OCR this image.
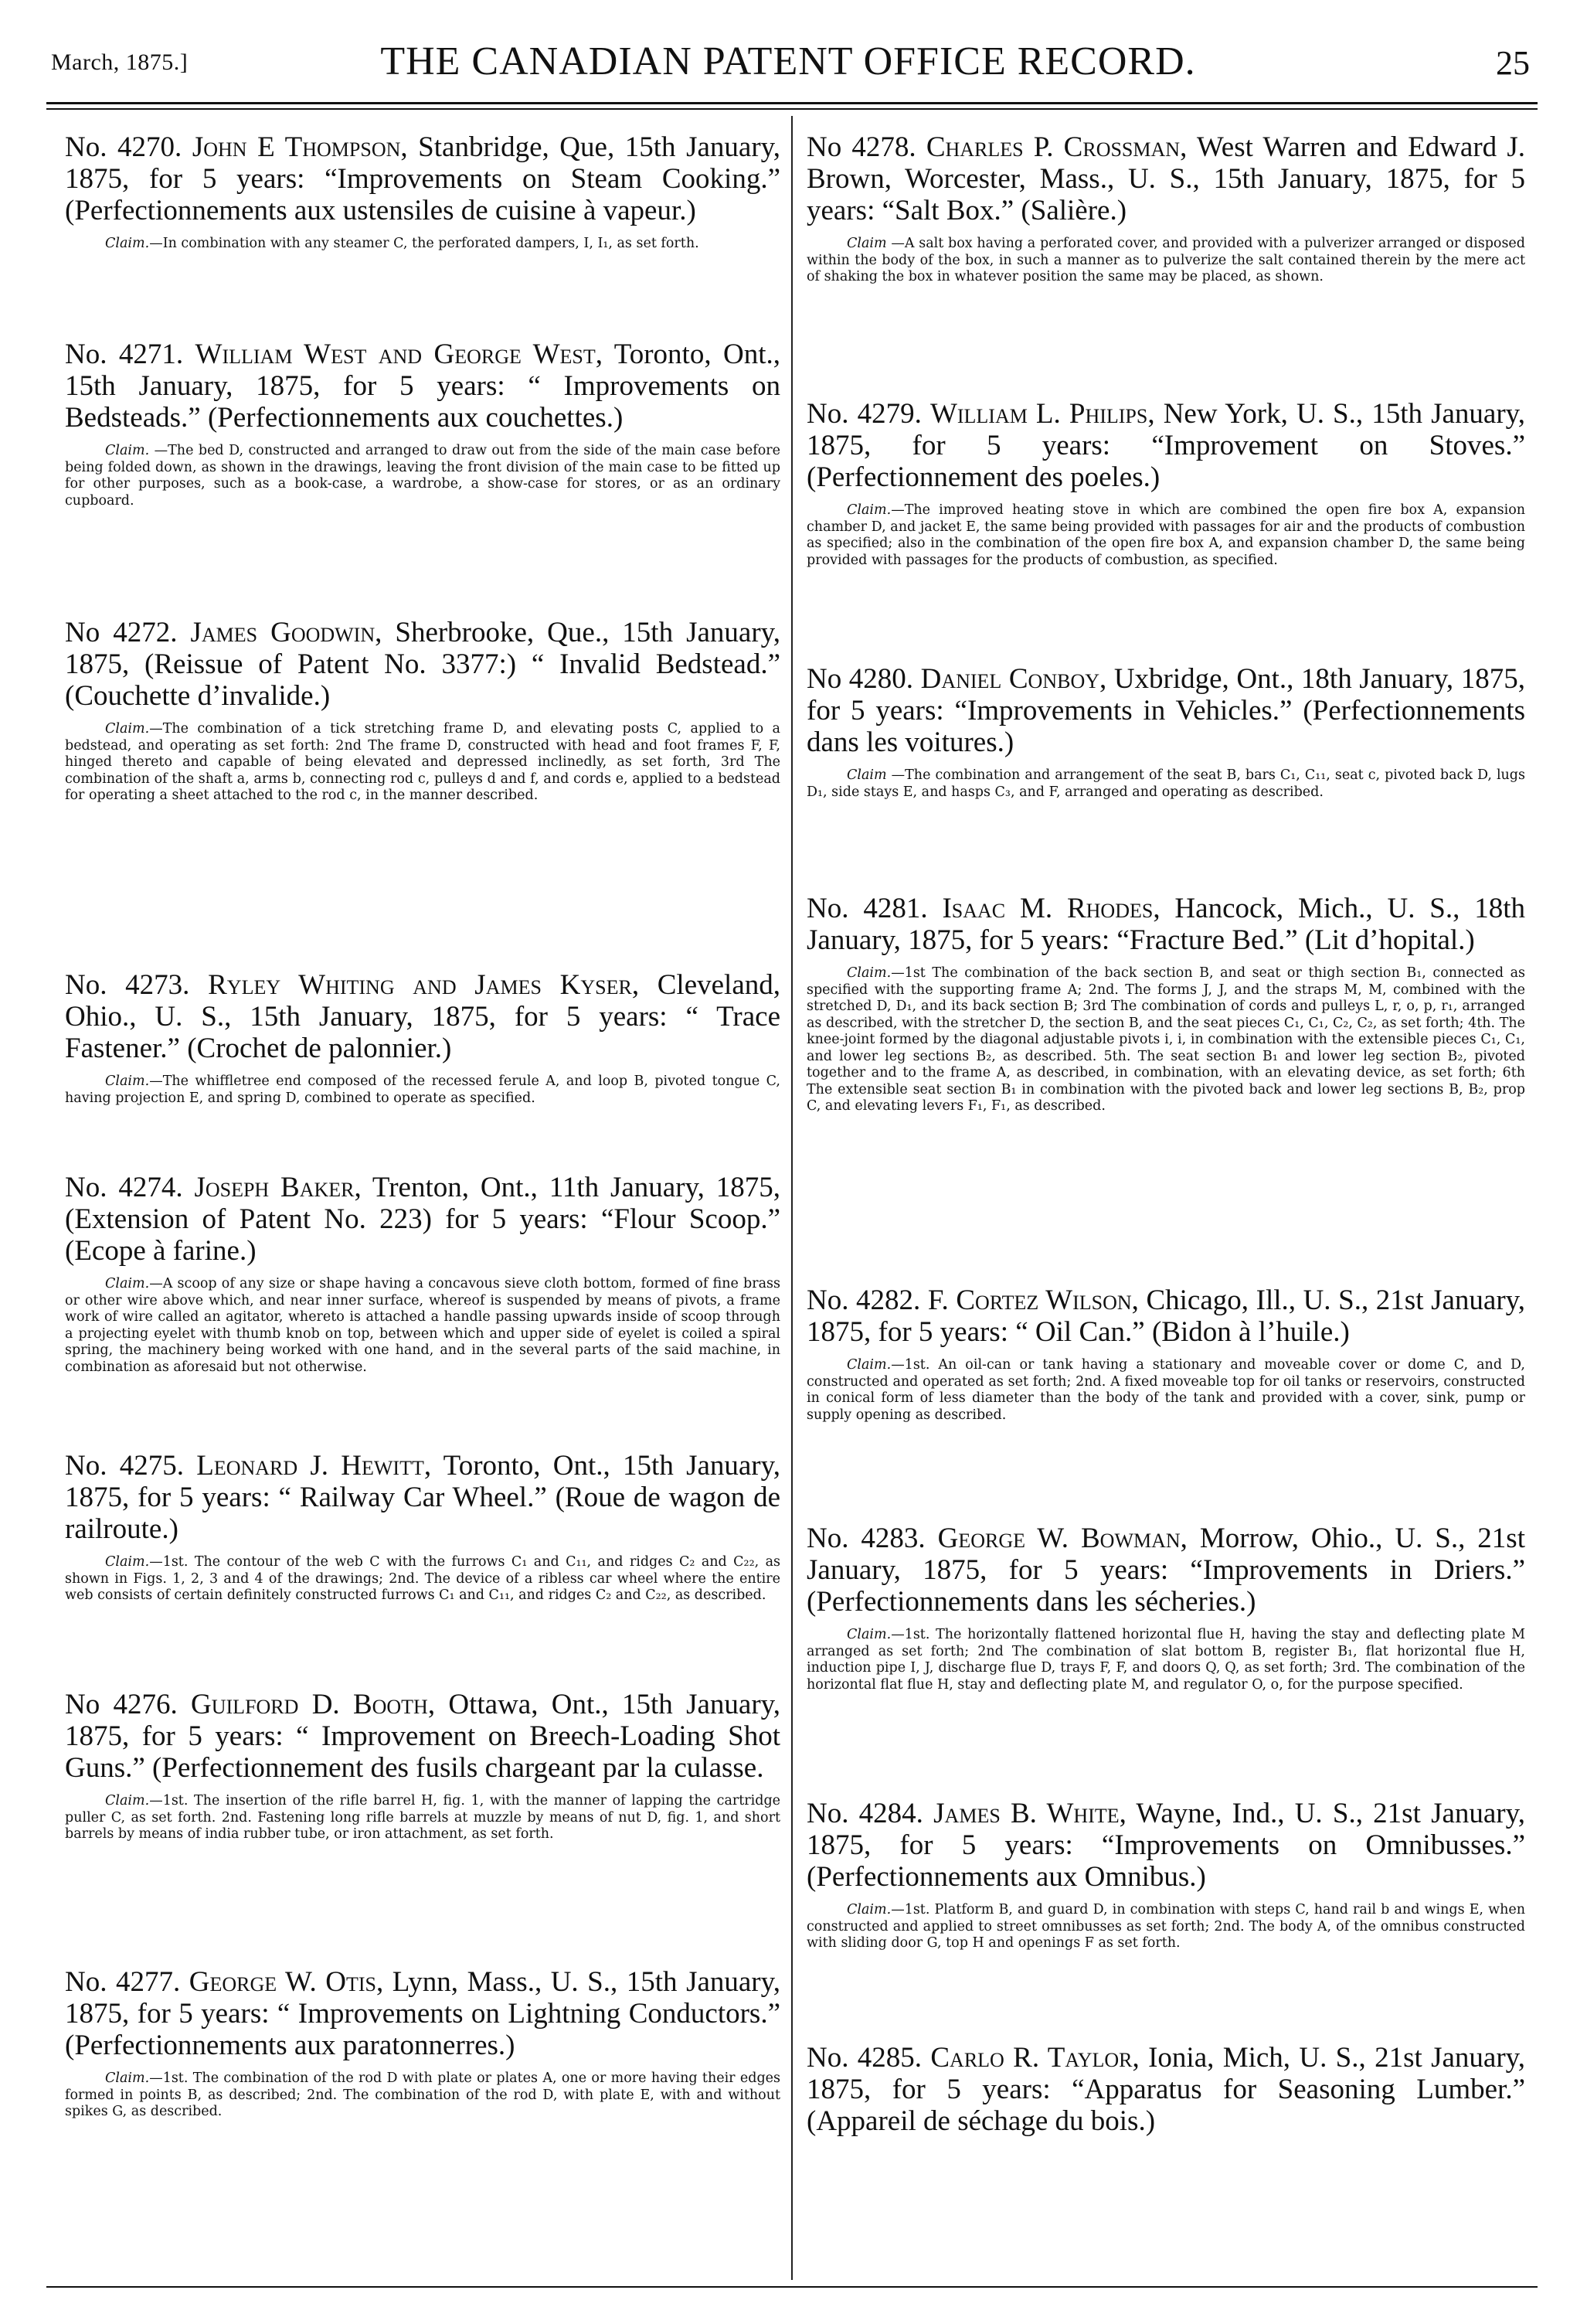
March, 1875.]	THE CANADIAN PATENT OFFICE RECORD.	25

No. 4270. John E Thompson, Stanbridge, Que, 15th January, 1875, for 5 years: “Improvements on Steam Cooking.” (Perfectionnements aux ustensiles de cuisine à vapeur.)

Claim.—In combination with any steamer C, the perforated dampers, I, I₁, as set forth.

No. 4271. William West and George West, Toronto, Ont., 15th January, 1875, for 5 years: “ Improvements on Bedsteads.” (Perfectionnements aux couchettes.)

Claim. —The bed D, constructed and arranged to draw out from the side of the main case before being folded down, as shown in the drawings, leaving the front division of the main case to be fitted up for other purposes, such as a book-case, a wardrobe, a show-case for stores, or as an ordinary cupboard.

No 4272. James Goodwin, Sherbrooke, Que., 15th January, 1875, (Reissue of Patent No. 3377:) “ Invalid Bedstead.” (Couchette d’invalide.)

Claim.—The combination of a tick stretching frame D, and elevating posts C, applied to a bedstead, and operating as set forth: 2nd The frame D, constructed with head and foot frames F, F, hinged thereto and capable of being elevated and depressed inclinedly, as set forth, 3rd The combination of the shaft a, arms b, connecting rod c, pulleys d and f, and cords e, applied to a bedstead for operating a sheet attached to the rod c, in the manner described.

No. 4273. Ryley Whiting and James Kyser, Cleveland, Ohio., U. S., 15th January, 1875, for 5 years: “ Trace Fastener.” (Crochet de palonnier.)

Claim.—The whiffletree end composed of the recessed ferule A, and loop B, pivoted tongue C, having projection E, and spring D, combined to operate as specified.

No. 4274. Joseph Baker, Trenton, Ont., 11th January, 1875, (Extension of Patent No. 223) for 5 years: “Flour Scoop.” (Ecope à farine.)

Claim.—A scoop of any size or shape having a concavous sieve cloth bottom, formed of fine brass or other wire above which, and near inner surface, whereof is suspended by means of pivots, a frame work of wire called an agitator, whereto is attached a handle passing upwards inside of scoop through a projecting eyelet with thumb knob on top, between which and upper side of eyelet is coiled a spiral spring, the machinery being worked with one hand, and in the several parts of the said machine, in combination as aforesaid but not otherwise.

No. 4275. Leonard J. Hewitt, Toronto, Ont., 15th January, 1875, for 5 years: “ Railway Car Wheel.” (Roue de wagon de railroute.)

Claim.—1st. The contour of the web C with the furrows C₁ and C₁₁, and ridges C₂ and C₂₂, as shown in Figs. 1, 2, 3 and 4 of the drawings; 2nd. The device of a ribless car wheel where the entire web consists of certain definitely constructed furrows C₁ and C₁₁, and ridges C₂ and C₂₂, as described.

No 4276. Guilford D. Booth, Ottawa, Ont., 15th January, 1875, for 5 years: “ Improvement on Breech-Loading Shot Guns.” (Perfectionnement des fusils chargeant par la culasse.

Claim.—1st. The insertion of the rifle barrel H, fig. 1, with the manner of lapping the cartridge puller C, as set forth. 2nd. Fastening long rifle barrels at muzzle by means of nut D, fig. 1, and short barrels by means of india rubber tube, or iron attachment, as set forth.

No. 4277. George W. Otis, Lynn, Mass., U. S., 15th January, 1875, for 5 years: “ Improvements on Lightning Conductors.” (Perfectionnements aux paratonnerres.)

Claim.—1st. The combination of the rod D with plate or plates A, one or more having their edges formed in points B, as described; 2nd. The combination of the rod D, with plate E, with and without spikes G, as described.

No 4278. Charles P. Crossman, West Warren and Edward J. Brown, Worcester, Mass., U. S., 15th January, 1875, for 5 years: “Salt Box.” (Salière.)

Claim —A salt box having a perforated cover, and provided with a pulverizer arranged or disposed within the body of the box, in such a manner as to pulverize the salt contained therein by the mere act of shaking the box in whatever position the same may be placed, as shown.

No. 4279. William L. Philips, New York, U. S., 15th January, 1875, for 5 years: “Improvement on Stoves.” (Perfectionnement des poeles.)

Claim.—The improved heating stove in which are combined the open fire box A, expansion chamber D, and jacket E, the same being provided with passages for air and the products of combustion as specified; also in the combination of the open fire box A, and expansion chamber D, the same being provided with passages for the products of combustion, as specified.

No 4280. Daniel Conboy, Uxbridge, Ont., 18th January, 1875, for 5 years: “Improvements in Vehicles.” (Perfectionnements dans les voitures.)

Claim —The combination and arrangement of the seat B, bars C₁, C₁₁, seat c, pivoted back D, lugs D₁, side stays E, and hasps C₃, and F, arranged and operating as described.

No. 4281. Isaac M. Rhodes, Hancock, Mich., U. S., 18th January, 1875, for 5 years: “Fracture Bed.” (Lit d’hopital.)

Claim.—1st The combination of the back section B, and seat or thigh section B₁, connected as specified with the supporting frame A; 2nd. The forms J, J, and the straps M, M, combined with the stretched D, D₁, and its back section B; 3rd The combination of cords and pulleys L, r, o, p, r₁, arranged as described, with the stretcher D, the section B, and the seat pieces C₁, C₁, C₂, C₂, as set forth; 4th. The knee-joint formed by the diagonal adjustable pivots i, i, in combination with the extensible pieces C₁, C₁, and lower leg sections B₂, as described. 5th. The seat section B₁ and lower leg section B₂, pivoted together and to the frame A, as described, in combination, with an elevating device, as set forth; 6th The extensible seat section B₁ in combination with the pivoted back and lower leg sections B, B₂, prop C, and elevating levers F₁, F₁, as described.

No. 4282. F. Cortez Wilson, Chicago, Ill., U. S., 21st January, 1875, for 5 years: “ Oil Can.” (Bidon à l’huile.)

Claim.—1st. An oil-can or tank having a stationary and moveable cover or dome C, and D, constructed and operated as set forth; 2nd. A fixed moveable top for oil tanks or reservoirs, constructed in conical form of less diameter than the body of the tank and provided with a cover, sink, pump or supply opening as described.

No. 4283. George W. Bowman, Morrow, Ohio., U. S., 21st January, 1875, for 5 years: “Improvements in Driers.” (Perfectionnements dans les sécheries.)

Claim.—1st. The horizontally flattened horizontal flue H, having the stay and deflecting plate M arranged as set forth; 2nd The combination of slat bottom B, register B₁, flat horizontal flue H, induction pipe I, J, discharge flue D, trays F, F, and doors Q, Q, as set forth; 3rd. The combination of the horizontal flat flue H, stay and deflecting plate M, and regulator O, o, for the purpose specified.

No. 4284. James B. White, Wayne, Ind., U. S., 21st January, 1875, for 5 years: “Improvements on Omnibusses.” (Perfectionnements aux Omnibus.)

Claim.—1st. Platform B, and guard D, in combination with steps C, hand rail b and wings E, when constructed and applied to street omnibusses as set forth; 2nd. The body A, of the omnibus constructed with sliding door G, top H and openings F as set forth.

No. 4285. Carlo R. Taylor, Ionia, Mich, U. S., 21st January, 1875, for 5 years: “Apparatus for Seasoning Lumber.” (Appareil de séchage du bois.)
